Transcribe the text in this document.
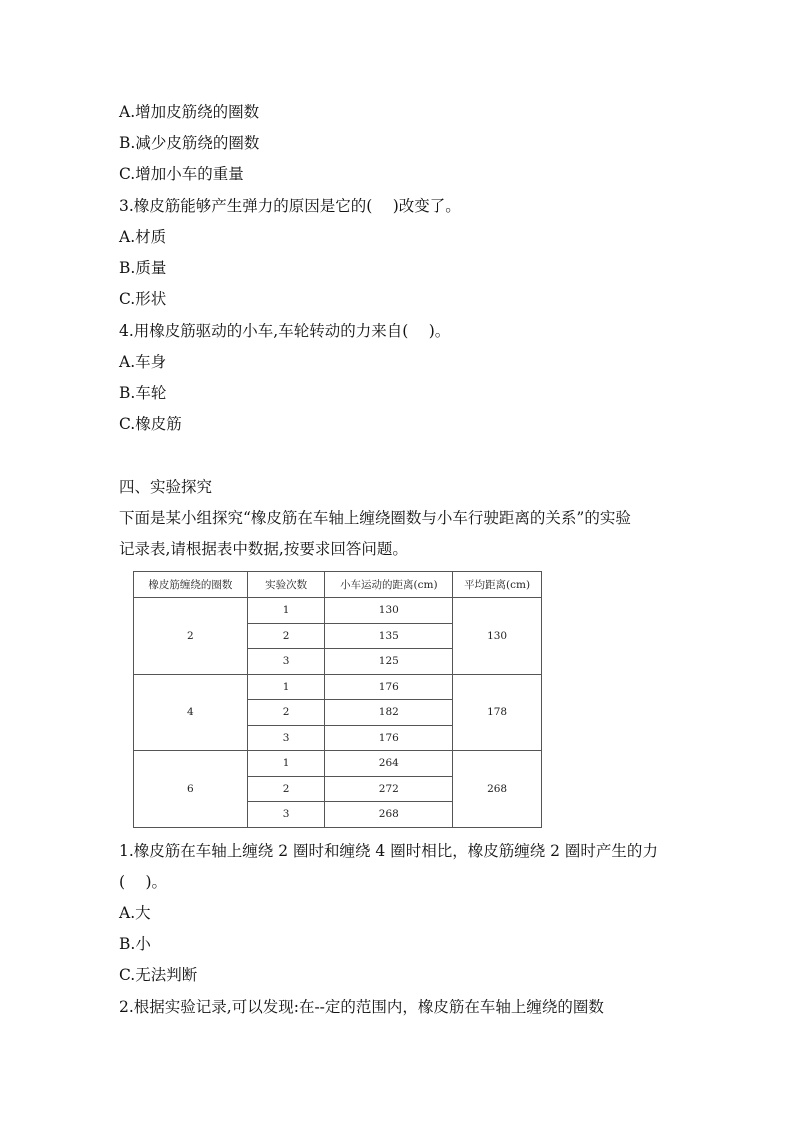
A.增加皮筋绕的圈数
B.减少皮筋绕的圈数
C.增加小车的重量
3.橡皮筋能够产生弹力的原因是它的(　 )改变了。
A.材质
B.质量
C.形状
4.用橡皮筋驱动的小车,车轮转动的力来自(　 )。
A.车身
B.车轮
C.橡皮筋
四、实验探究
下面是某小组探究“橡皮筋在车轴上缠绕圈数与小车行驶距离的关系”的实验
记录表,请根据表中数据,按要求回答问题。
橡皮筋缠绕的圈数	实验次数	小车运动的距离(cm)	平均距离(cm)
2	1	130	130
	2	135	
	3	125	
4	1	176	178
	2	182	
	3	176	
6	1	264	268
	2	272	
	3	268	
1.橡皮筋在车轴上缠绕 2 圈时和缠绕 4 圈时相比，橡皮筋缠绕 2 圈时产生的力
(　 )。
A.大
B.小
C.无法判断
2.根据实验记录,可以发现:在--定的范围内，橡皮筋在车轴上缠绕的圈数
